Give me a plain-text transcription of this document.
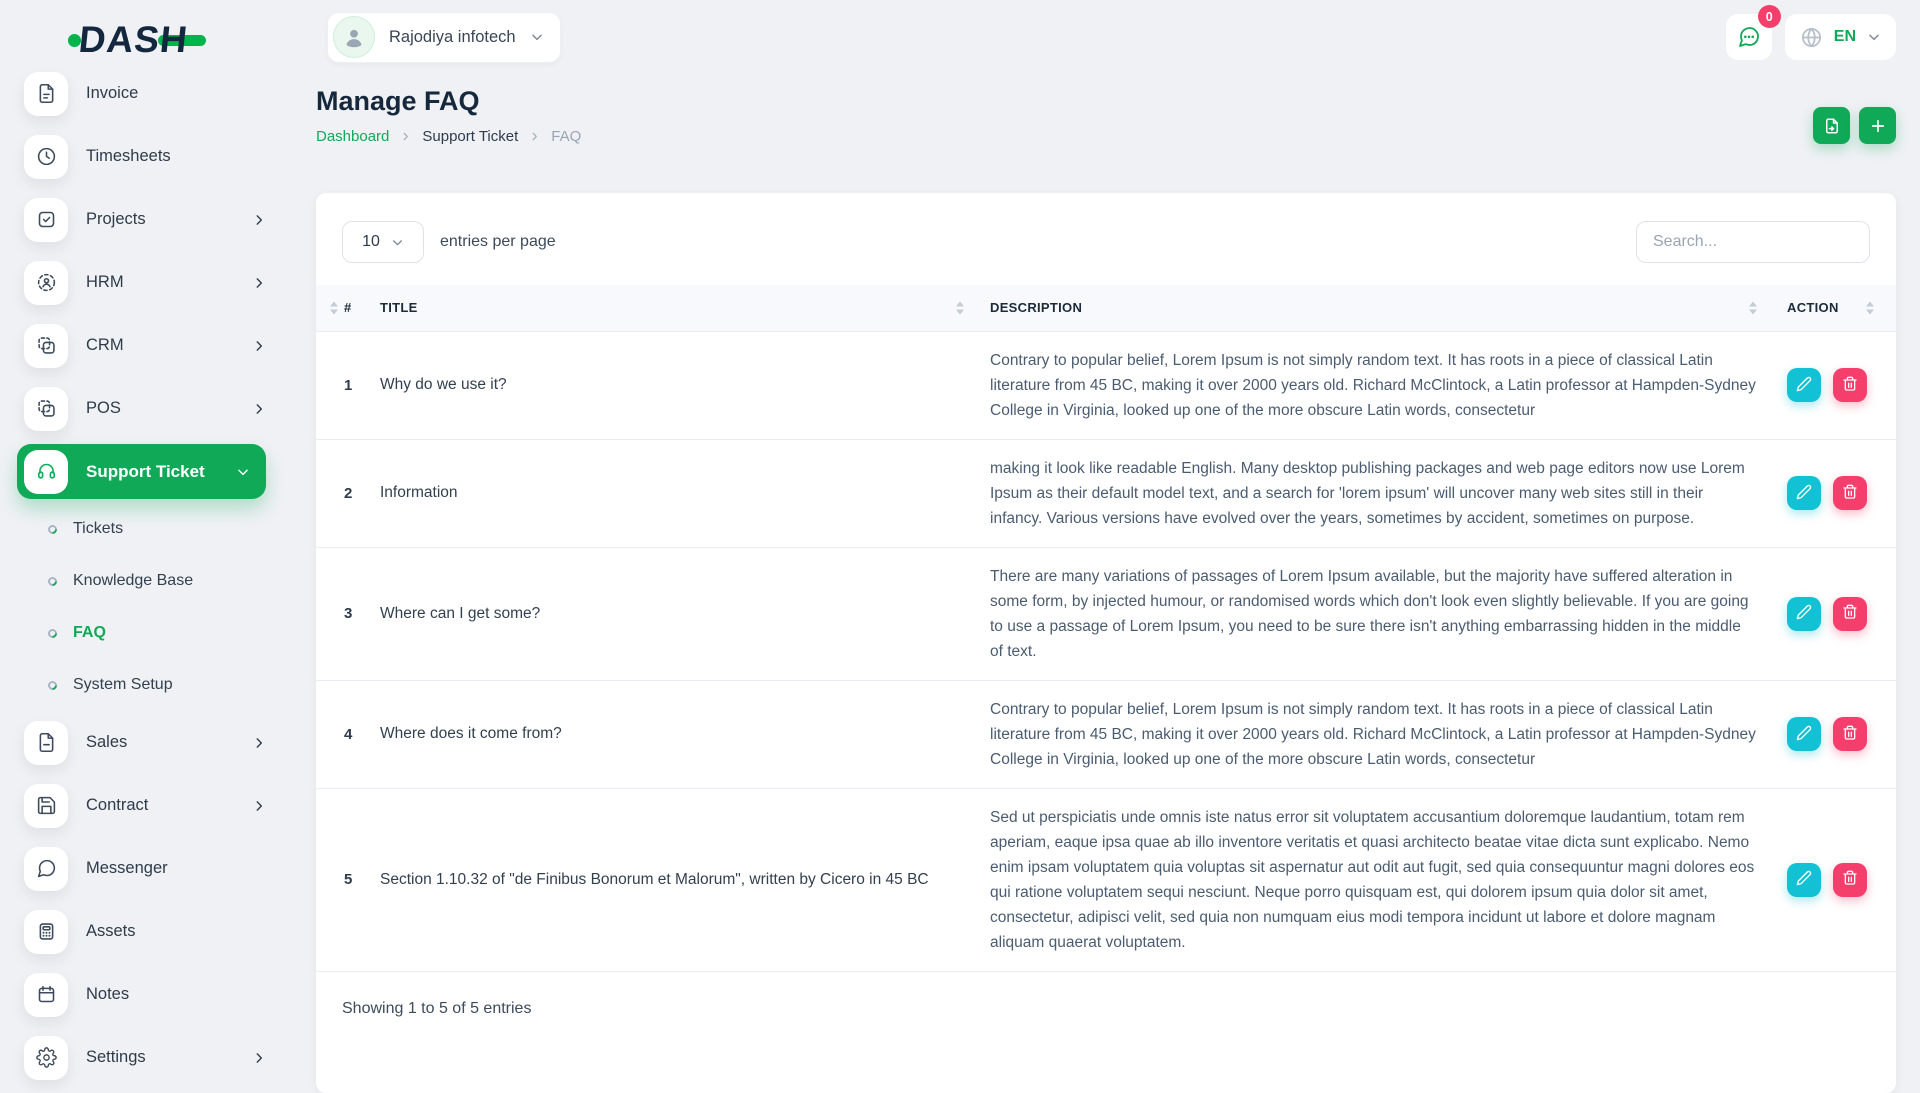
DASH
Invoice
Timesheets
Projects
HRM
CRM
POS
Support Ticket
Tickets
Knowledge Base
FAQ
System Setup
Sales
Contract
Messenger
Assets
Notes
Settings
Rajodiya infotech
0
EN
Manage FAQ
Dashboard Support Ticket FAQ
10	entries per page
Search...
#	TITLE	DESCRIPTION	ACTION

1	Why do we use it?	Contrary to popular belief, Lorem Ipsum is not simply random text. It has roots in a piece of classical Latin literature from 45 BC, making it over 2000 years old. Richard McClintock, a Latin professor at Hampden-Sydney College in Virginia, looked up one of the more obscure Latin words, consectetur	

2	Information	making it look like readable English. Many desktop publishing packages and web page editors now use Lorem Ipsum as their default model text, and a search for 'lorem ipsum' will uncover many web sites still in their infancy. Various versions have evolved over the years, sometimes by accident, sometimes on purpose.	

3	Where can I get some?	There are many variations of passages of Lorem Ipsum available, but the majority have suffered alteration in some form, by injected humour, or randomised words which don't look even slightly believable. If you are going to use a passage of Lorem Ipsum, you need to be sure there isn't anything embarrassing hidden in the middle of text.	

4	Where does it come from?	Contrary to popular belief, Lorem Ipsum is not simply random text. It has roots in a piece of classical Latin literature from 45 BC, making it over 2000 years old. Richard McClintock, a Latin professor at Hampden-Sydney College in Virginia, looked up one of the more obscure Latin words, consectetur	

5	Section 1.10.32 of "de Finibus Bonorum et Malorum", written by Cicero in 45 BC	Sed ut perspiciatis unde omnis iste natus error sit voluptatem accusantium doloremque laudantium, totam rem aperiam, eaque ipsa quae ab illo inventore veritatis et quasi architecto beatae vitae dicta sunt explicabo. Nemo enim ipsam voluptatem quia voluptas sit aspernatur aut odit aut fugit, sed quia consequuntur magni dolores eos qui ratione voluptatem sequi nesciunt. Neque porro quisquam est, qui dolorem ipsum quia dolor sit amet, consectetur, adipisci velit, sed quia non numquam eius modi tempora incidunt ut labore et dolore magnam aliquam quaerat voluptatem.	
Showing 1 to 5 of 5 entries
